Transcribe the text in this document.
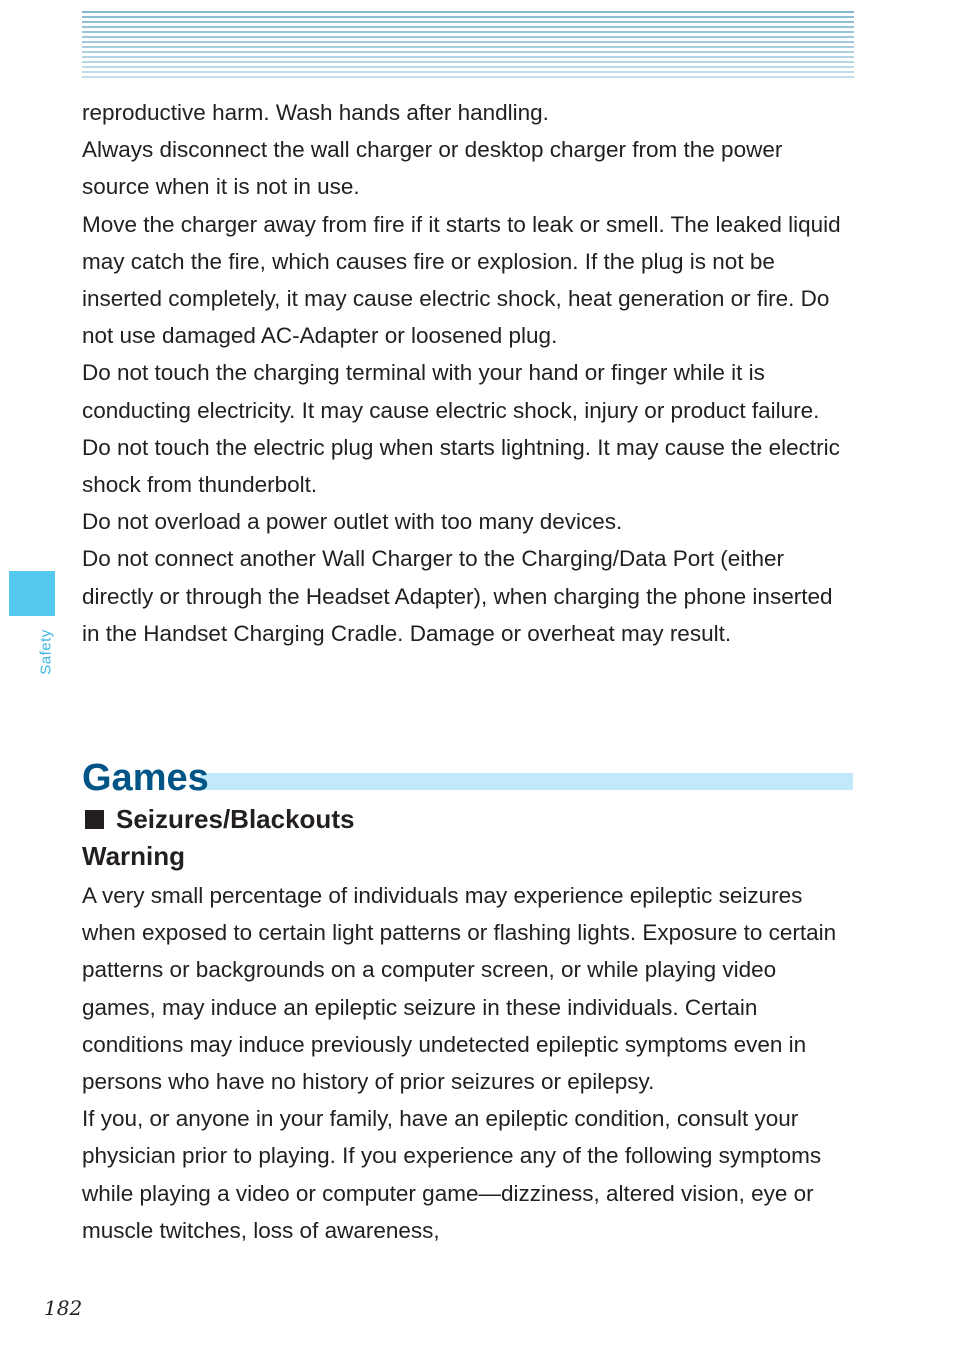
Safety

reproductive harm. Wash hands after handling.

Always disconnect the wall charger or desktop charger from the power source when it is not in use.

Move the charger away from fire if it starts to leak or smell. The leaked liquid may catch the fire, which causes fire or explosion. If the plug is not be inserted completely, it may cause electric shock, heat generation or fire. Do not use damaged AC-Adapter or loosened plug.

Do not touch the charging terminal with your hand or finger while it is conducting electricity. It may cause electric shock, injury or product failure.

Do not touch the electric plug when starts lightning. It may cause the electric shock from thunderbolt.

Do not overload a power outlet with too many devices.

Do not connect another Wall Charger to the Charging/Data Port (either directly or through the Headset Adapter), when charging the phone inserted in the Handset Charging Cradle. Damage or overheat may result.

Games
Seizures/Blackouts
Warning

A very small percentage of individuals may experience epileptic seizures when exposed to certain light patterns or flashing lights. Exposure to certain patterns or backgrounds on a computer screen, or while playing video games, may induce an epileptic seizure in these individuals. Certain conditions may induce previously undetected epileptic symptoms even in persons who have no history of prior seizures or epilepsy.

If you, or anyone in your family, have an epileptic condition, consult your physician prior to playing. If you experience any of the following symptoms while playing a video or computer game—dizziness, altered vision, eye or muscle twitches, loss of awareness,

182
